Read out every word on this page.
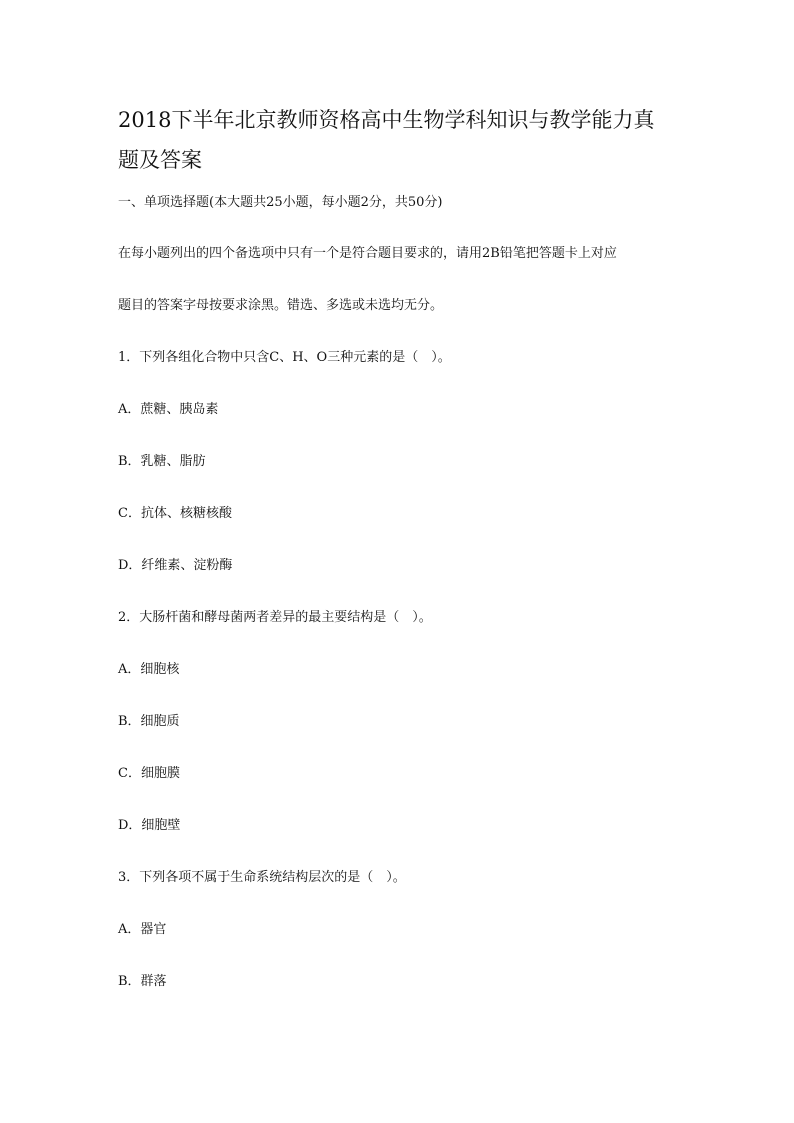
2018下半年北京教师资格高中生物学科知识与教学能力真
题及答案
一、单项选择题(本大题共25小题，每小题2分，共50分)
在每小题列出的四个备选项中只有一个是符合题目要求的，请用2B铅笔把答题卡上对应
题目的答案字母按要求涂黑。错选、多选或未选均无分。
1．下列各组化合物中只含C、H、O三种元素的是（　）。
A．蔗糖、胰岛素
B．乳糖、脂肪
C．抗体、核糖核酸
D．纤维素、淀粉酶
2．大肠杆菌和酵母菌两者差异的最主要结构是（　）。
A．细胞核
B．细胞质
C．细胞膜
D．细胞壁
3．下列各项不属于生命系统结构层次的是（　）。
A．器官
B．群落
